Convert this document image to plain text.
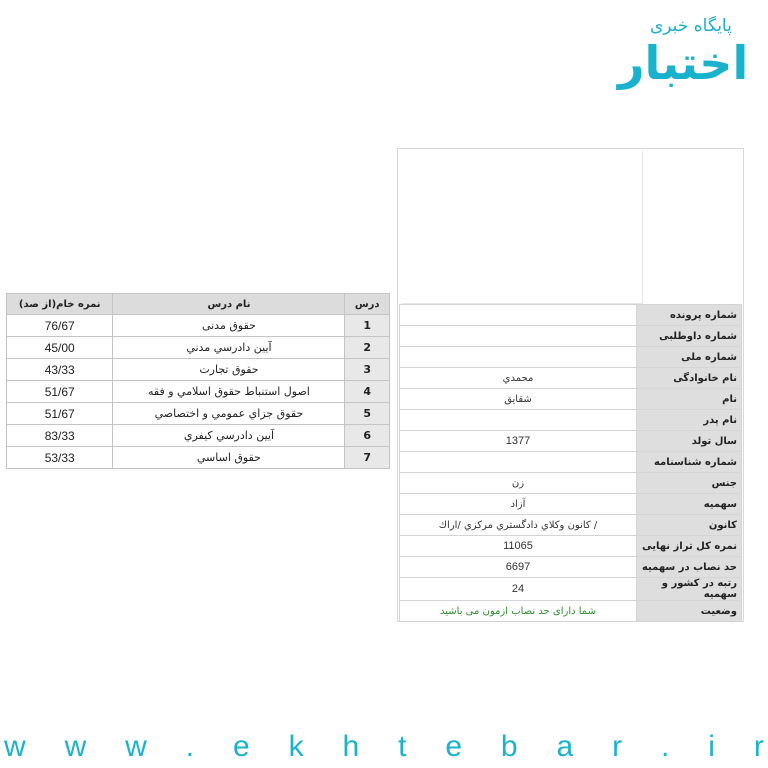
پایگاه خبری
اختبار
درس	نام درس	نمره خام(از صد)
1	حقوق مدنی	76/67
2	آيين دادرسي مدني	45/00
3	حقوق تجارت	43/33
4	اصول استنباط حقوق اسلامي و فقه	51/67
5	حقوق جزاي عمومي و اختصاصي	51/67
6	آيين دادرسي كيفري	83/33
7	حقوق اساسي	53/33
شماره پرونده	
شماره داوطلبی	
شماره ملی	
نام خانوادگی	محمدي
نام	شقایق
نام پدر	
سال تولد	1377
شماره شناسنامه	
جنس	زن
سهمیه	آزاد
کانون	/ كانون وكلاي دادگستري مركزي /اراك
نمره کل تراز نهایی	11065
حد نصاب در سهمیه	6697
رتبه در کشور و سهمیه	24
وضعیت	شما دارای حد نصاب ازمون می باشید
w w w . e k h t e b a r . i r
